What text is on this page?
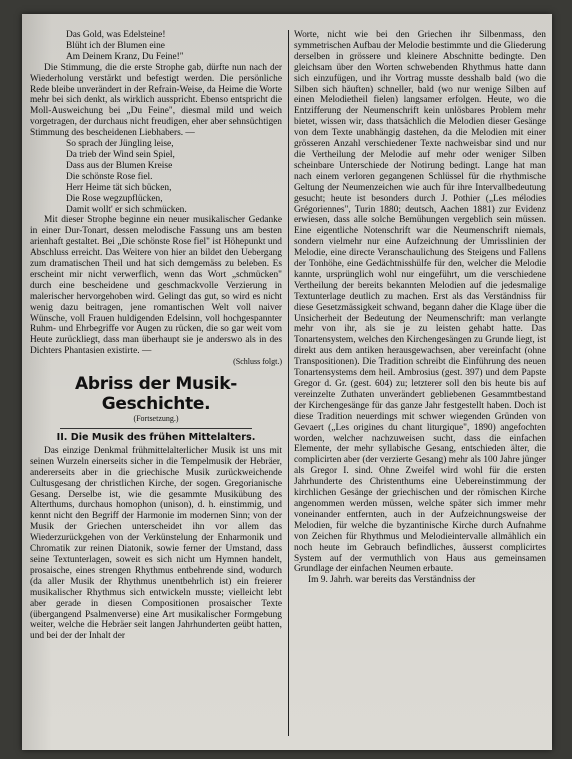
Das Gold, was Edelsteine!
Blüht ich der Blumen eine
Am Deinem Kranz, Du Feine!"

Die Stimmung, die die erste Strophe gab, dürfte nun nach der Wiederholung verstärkt und befestigt werden. Die persönliche Rede bleibe unverändert in der Refrain-Weise, da Heime die Worte mehr bei sich denkt, als wirklich ausspricht. Ebenso entspricht die Moll-Ausweichung bei „Du Feine", diesmal mild und weich vorgetragen, der durchaus nicht freudigen, eher aber sehnsüchtigen Stimmung des bescheidenen Liebhabers. —

So sprach der Jüngling leise,
Da trieb der Wind sein Spiel,
Dass aus der Blumen Kreise
Die schönste Rose fiel.
Herr Heime tät sich bücken,
Die Rose wegzupflücken,
Damit wollt' er sich schmücken.

Mit dieser Strophe beginne ein neuer musikalischer Gedanke in einer Dur-Tonart, dessen melodische Fassung uns am besten arienhaft gestaltet. Bei „Die schönste Rose fiel" ist Höhepunkt und Abschluss erreicht. Das Weitere von hier an bildet den Uebergang zum dramatischen Theil und hat sich demgemäss zu beleben. Es erscheint mir nicht verwerflich, wenn das Wort „schmücken" durch eine bescheidene und geschmackvolle Verzierung in malerischer hervorgehoben wird. Gelingt das gut, so wird es nicht wenig dazu beitragen, jene romantischen Welt voll naiver Wünsche, voll Frauen huldigenden Edelsinn, voll hochgespannter Ruhm- und Ehrbegriffe vor Augen zu rücken, die so gar weit vom Heute zurückliegt, dass man überhaupt sie je anderswo als in des Dichters Phantasien existirte. —

(Schluss folgt.)
Abriss der Musik-Geschichte.
(Fortsetzung.)
II. Die Musik des frühen Mittelalters.

Das einzige Denkmal frühmittelalterlicher Musik ist uns mit seinen Wurzeln einerseits sicher in die Tempelmusik der Hebräer, andererseits aber in die griechische Musik zurückweichende Cultusgesang der christlichen Kirche, der sogen. Gregorianische Gesang. Derselbe ist, wie die gesammte Musikübung des Alterthums, durchaus homophon (unison), d. h. einstimmig, und kennt nicht den Begriff der Harmonie im modernen Sinn; von der Musik der Griechen unterscheidet ihn vor allem das Wiederzurückgehen von der Verkünstelung der Enharmonik und Chromatik zur reinen Diatonik, sowie ferner der Umstand, dass seine Textunterlagen, soweit es sich nicht um Hymnen handelt, prosaische, eines strengen Rhythmus entbehrende sind, wodurch (da aller Musik der Rhythmus unentbehrlich ist) ein freierer musikalischer Rhythmus sich entwickeln musste; vielleicht lebt aber gerade in diesen Compositionen prosaischer Texte (übergangend Psalmenverse) eine Art musikalischer Formgebung weiter, welche die Hebräer seit langen Jahrhunderten geübt hatten, und bei der der Inhalt der

Worte, nicht wie bei den Griechen ihr Silbenmass, den symmetrischen Aufbau der Melodie bestimmte und die Gliederung derselben in grössere und kleinere Abschnitte bedingte. Den gleichsam über den Worten schwebenden Rhythmus hatte dann sich einzufügen, und ihr Vortrag musste desshalb bald (wo die Silben sich häuften) schneller, bald (wo nur wenige Silben auf einen Melodietheil fielen) langsamer erfolgen. Heute, wo die Entzifferung der Neumenschrift kein unlösbares Problem mehr bietet, wissen wir, dass thatsächlich die Melodien dieser Gesänge von dem Texte unabhängig dastehen, da die Melodien mit einer grösseren Anzahl verschiedener Texte nachweisbar sind und nur die Vertheilung der Melodie auf mehr oder weniger Silben scheinbare Unterschiede der Notirung bedingt. Lange hat man nach einem verloren gegangenen Schlüssel für die rhythmische Geltung der Neumenzeichen wie auch für ihre Intervallbedeutung gesucht; heute ist besonders durch J. Pothier („Les mélodies Grégoriennes", Turin 1880; deutsch, Aachen 1881) zur Evidenz erwiesen, dass alle solche Bemühungen vergeblich sein müssen. Eine eigentliche Notenschrift war die Neumenschrift niemals, sondern vielmehr nur eine Aufzeichnung der Umrisslinien der Melodie, eine directe Veranschaulichung des Steigens und Fallens der Tonhöhe, eine Gedächtnisshülfe für den, welcher die Melodie kannte, ursprünglich wohl nur eingeführt, um die verschiedene Vertheilung der bereits bekannten Melodien auf die jedesmalige Textunterlage deutlich zu machen. Erst als das Verständniss für diese Gesetzmässigkeit schwand, begann daher die Klage über die Unsicherheit der Bedeutung der Neumenschrift: man verlangte mehr von ihr, als sie je zu leisten gehabt hatte. Das Tonartensystem, welches den Kirchengesängen zu Grunde liegt, ist direkt aus dem antiken herausgewachsen, aber vereinfacht (ohne Transpositionen). Die Tradition schreibt die Einführung des neuen Tonartensystems dem heil. Ambrosius (gest. 397) und dem Papste Gregor d. Gr. (gest. 604) zu; letzterer soll den bis heute bis auf vereinzelte Zuthaten unverändert gebliebenen Gesammtbestand der Kirchengesänge für das ganze Jahr festgestellt haben. Doch ist diese Tradition neuerdings mit schwer wiegenden Gründen von Gevaert („Les origines du chant liturgique", 1890) angefochten worden, welcher nachzuweisen sucht, dass die einfachen Elemente, der mehr syllabische Gesang, entschieden älter, die complicirten aber (der verzierte Gesang) mehr als 100 Jahre jünger als Gregor I. sind. Ohne Zweifel wird wohl für die ersten Jahrhunderte des Christenthums eine Uebereinstimmung der kirchlichen Gesänge der griechischen und der römischen Kirche angenommen werden müssen, welche später sich immer mehr voneinander entfernten, auch in der Aufzeichnungsweise der Melodien, für welche die byzantinische Kirche durch Aufnahme von Zeichen für Rhythmus und Melodieintervalle allmählich ein noch heute im Gebrauch befindliches, äusserst complicirtes System auf der vermuthlich von Haus aus gemeinsamen Grundlage der einfachen Neumen erbaute.

Im 9. Jahrh. war bereits das Verständniss der
